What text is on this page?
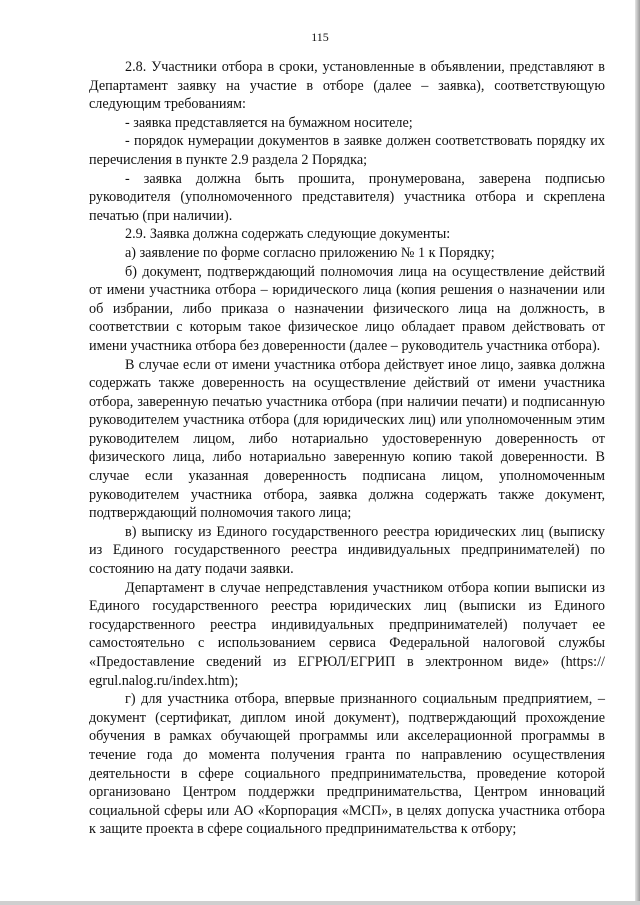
115

2.8. Участники отбора в сроки, установленные в объявлении, представляют в Департамент заявку на участие в отборе (далее – заявка), соответствующую следующим требованиям:

- заявка представляется на бумажном носителе;

- порядок нумерации документов в заявке должен соответствовать порядку их перечисления в пункте 2.9 раздела 2 Порядка;

- заявка должна быть прошита, пронумерована, заверена подписью руководителя (уполномоченного представителя) участника отбора и скреплена печатью (при наличии).

2.9. Заявка должна содержать следующие документы:

а) заявление по форме согласно приложению № 1 к Порядку;

б) документ, подтверждающий полномочия лица на осуществление действий от имени участника отбора – юридического лица (копия решения о назначении или об избрании, либо приказа о назначении физического лица на должность, в соответствии с которым такое физическое лицо обладает правом действовать от имени участника отбора без доверенности (далее – руководитель участника отбора).

В случае если от имени участника отбора действует иное лицо, заявка должна содержать также доверенность на осуществление действий от имени участника отбора, заверенную печатью участника отбора (при наличии печати) и подписанную руководителем участника отбора (для юридических лиц) или уполномоченным этим руководителем лицом, либо нотариально удостоверенную доверенность от физического лица, либо нотариально заверенную копию такой доверенности. В случае если указанная доверенность подписана лицом, уполномоченным руководителем участника отбора, заявка должна содержать также документ, подтверждающий полномочия такого лица;

в) выписку из Единого государственного реестра юридических лиц (выписку из Единого государственного реестра индивидуальных предпринимателей) по состоянию на дату подачи заявки.

Департамент в случае непредставления участником отбора копии выписки из Единого государственного реестра юридических лиц (выписки из Единого государственного реестра индивидуальных предпринимателей) получает ее самостоятельно с использованием сервиса Федеральной налоговой службы «Предоставление сведений из ЕГРЮЛ/ЕГРИП в электронном виде» (https:// egrul.nalog.ru/index.htm);

г) для участника отбора, впервые признанного социальным предприятием, – документ (сертификат, диплом иной документ), подтверждающий прохождение обучения в рамках обучающей программы или акселерационной программы в течение года до момента получения гранта по направлению осуществления деятельности в сфере социального предпринимательства, проведение которой организовано Центром поддержки предпринимательства, Центром инноваций социальной сферы или АО «Корпорация «МСП», в целях допуска участника отбора к защите проекта в сфере социального предпринимательства к отбору;
